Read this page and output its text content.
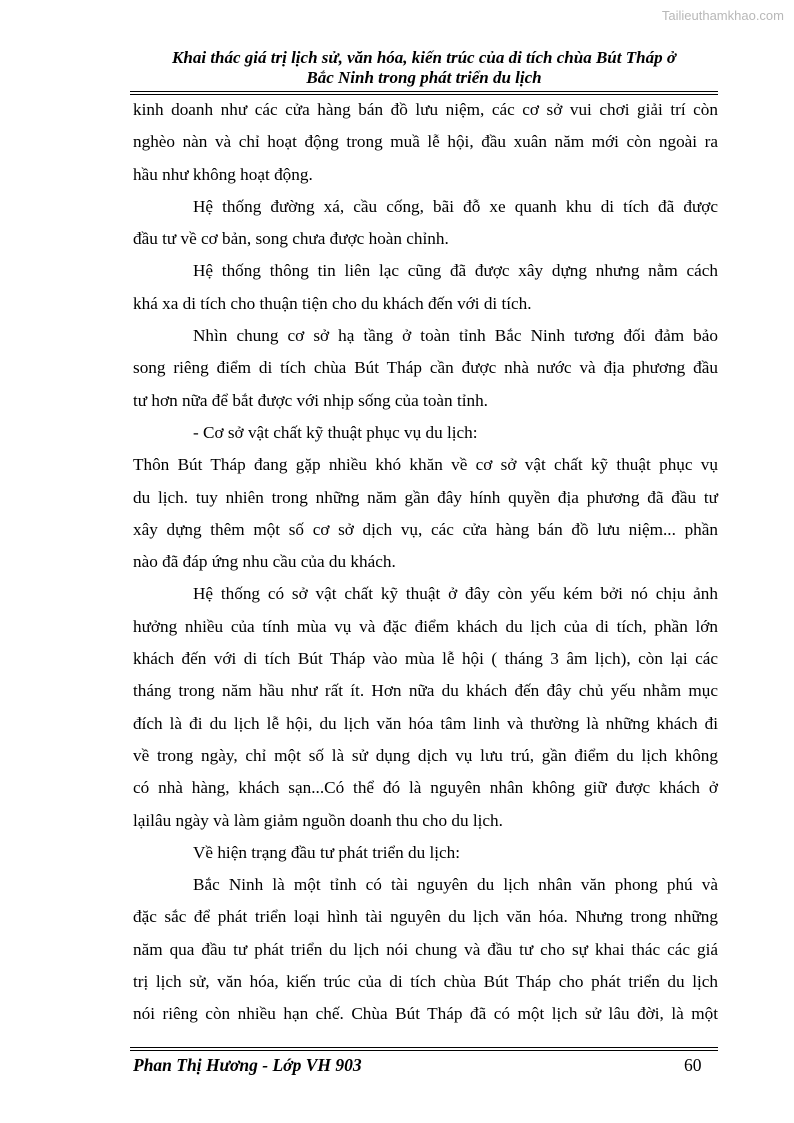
Tailieuthamkhao.com
Khai thác giá trị lịch sử, văn hóa, kiến trúc của di tích chùa Bút Tháp ở
Bắc Ninh trong phát triển du lịch
kinh doanh như các cửa hàng bán đồ lưu niệm, các cơ sở vui chơi giải trí còn
nghèo nàn và chỉ hoạt động trong muầ lễ hội, đầu xuân năm mới còn ngoài ra
hầu như không hoạt động.
Hệ thống đường xá, cầu cống, bãi đỗ xe quanh khu di tích đã được
đầu tư về cơ bản, song chưa được hoàn chỉnh.
Hệ thống thông tin liên lạc cũng đã được xây dựng nhưng nằm cách
khá xa di tích cho thuận tiện cho du khách đến với di tích.
Nhìn chung cơ sở hạ tầng ở toàn tỉnh Bắc Ninh tương đối đảm bảo
song riêng điểm di tích chùa Bút Tháp cần được nhà nước và địa phương đầu
tư hơn nữa để bắt được với nhịp sống của toàn tỉnh.
- Cơ sở vật chất kỹ thuật phục vụ du lịch:
Thôn Bút Tháp đang gặp nhiều khó khăn về cơ sở vật chất kỹ thuật phục vụ
du lịch. tuy nhiên trong những năm gần đây hính quyền địa phương đã đầu tư
xây dựng thêm một số cơ sở dịch vụ, các cửa hàng bán đồ lưu niệm... phần
nào đã đáp ứng nhu cầu của du khách.
Hệ thống có sở vật chất kỹ thuật ở đây còn yếu kém bởi nó chịu ảnh
hưởng nhiều của tính mùa vụ và đặc điểm khách du lịch của di tích, phần lớn
khách đến với di tích Bút Tháp vào mùa lễ hội ( tháng 3 âm lịch), còn lại các
tháng trong năm hầu như rất ít. Hơn nữa du khách đến đây chủ yếu nhằm mục
đích là đi du lịch lễ hội, du lịch văn hóa tâm linh và thường là những khách đi
về trong ngày, chỉ một số là sử dụng dịch vụ lưu trú, gần điểm du lịch không
có nhà hàng, khách sạn...Có thể đó là nguyên nhân không giữ được khách ở
lạilâu ngày và làm giảm nguồn doanh thu cho du lịch.
Về hiện trạng đầu tư phát triển du lịch:
Bắc Ninh là một tỉnh có tài nguyên du lịch nhân văn phong phú và
đặc sắc để phát triển loại hình tài nguyên du lịch văn hóa. Nhưng trong những
năm qua đầu tư phát triển du lịch nói chung và đầu tư cho sự khai thác các giá
trị lịch sử, văn hóa, kiến trúc của di tích chùa Bút Tháp cho phát triển du lịch
nói riêng còn nhiều hạn chế. Chùa Bút Tháp đã có một lịch sử lâu đời, là một
Phan Thị Hương - Lớp VH 903	60
